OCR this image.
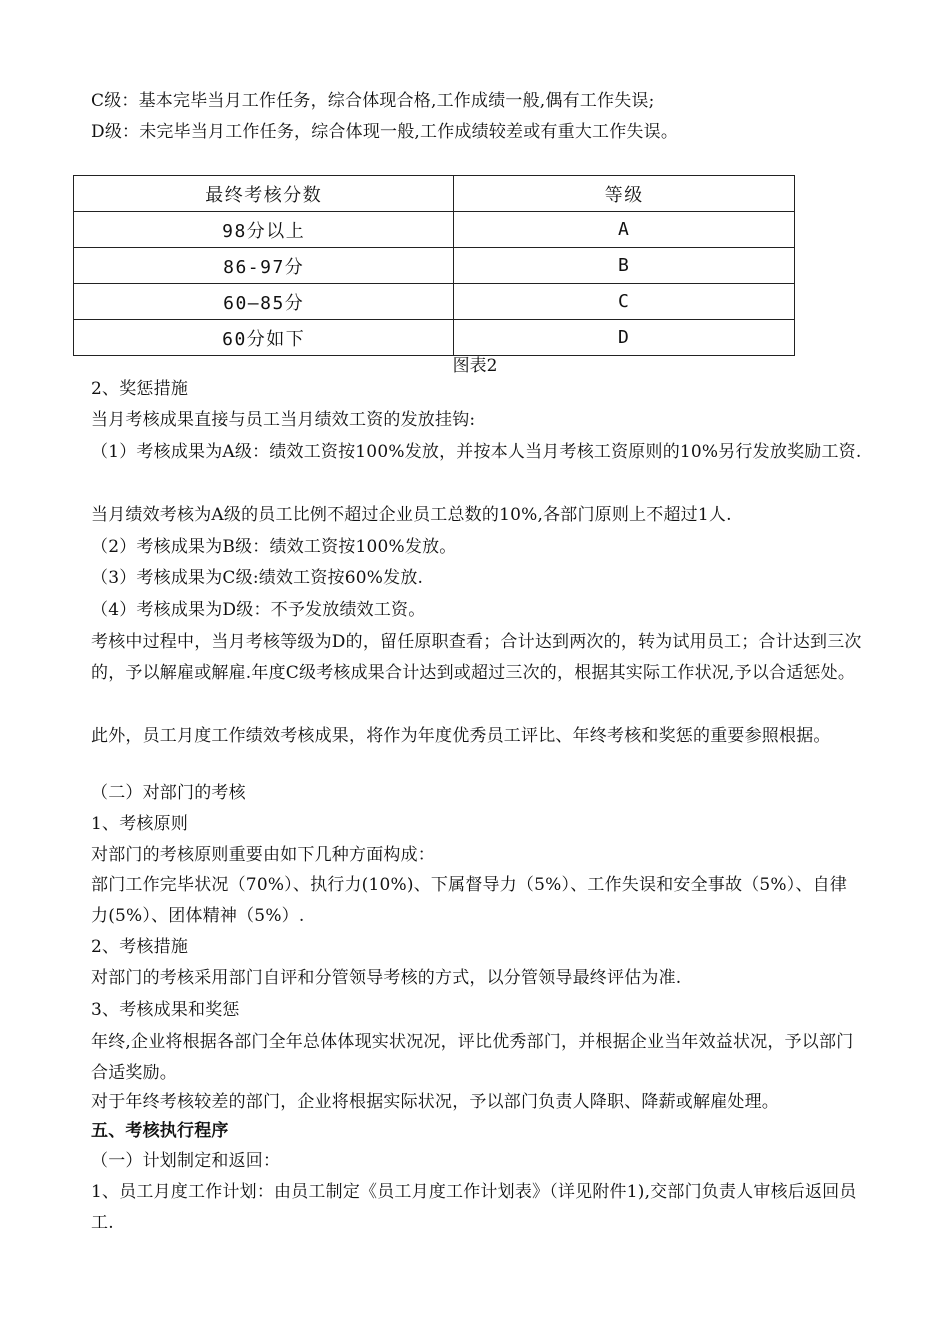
C级：基本完毕当月工作任务，综合体现合格,工作成绩一般,偶有工作失误;
D级：未完毕当月工作任务，综合体现一般,工作成绩较差或有重大工作失误。
最终考核分数	等级
98分以上	A
86-97分	B
60—85分	C
60分如下	D
图表2
2、奖惩措施
当月考核成果直接与员工当月绩效工资的发放挂钩:
（1）考核成果为A级：绩效工资按100%发放，并按本人当月考核工资原则的10%另行发放奖励工资.
当月绩效考核为A级的员工比例不超过企业员工总数的10%,各部门原则上不超过1人.
（2）考核成果为B级：绩效工资按100%发放。
（3）考核成果为C级:绩效工资按60%发放.
（4）考核成果为D级：不予发放绩效工资。
考核中过程中，当月考核等级为D的，留任原职查看；合计达到两次的，转为试用员工；合计达到三次的，予以解雇或解雇.年度C级考核成果合计达到或超过三次的，根据其实际工作状况,予以合适惩处。
此外，员工月度工作绩效考核成果，将作为年度优秀员工评比、年终考核和奖惩的重要参照根据。
（二）对部门的考核
1、考核原则
对部门的考核原则重要由如下几种方面构成：
部门工作完毕状况（70%）、执行力(10%)、下属督导力（5%）、工作失误和安全事故（5%）、自律力(5%）、团体精神（5%）.
2、考核措施
对部门的考核采用部门自评和分管领导考核的方式，以分管领导最终评估为准.
3、考核成果和奖惩
年终,企业将根据各部门全年总体体现实状况况，评比优秀部门，并根据企业当年效益状况，予以部门合适奖励。
对于年终考核较差的部门，企业将根据实际状况，予以部门负责人降职、降薪或解雇处理。
五、考核执行程序
（一）计划制定和返回：
1、员工月度工作计划：由员工制定《员工月度工作计划表》（详见附件1),交部门负责人审核后返回员工.
